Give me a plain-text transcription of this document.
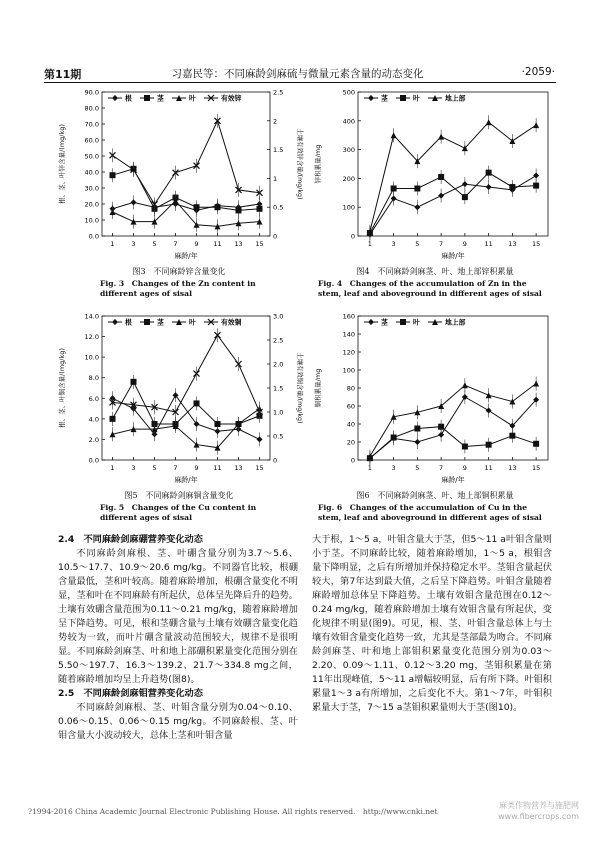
第11期	习嘉民等：不同麻龄剑麻硫与微量元素含量的动态变化	·2059·
0.0
10.0
20.0
30.0
40.0
50.0
60.0
70.0
80.0
90.0
0
0.5
1
1.5
2
2.5
土壤有效锌含量/(mg/kg)
1	3	5	7	9 11 13 15
麻龄/年
根、茎、叶锌含量/(mg/kg)
根	茎	叶	有效锌
0
100
200
300
400
500
1	3	5	7	9	11 13 15
麻龄/年
锌积累量/mg
茎	叶	地上部
图3　不同麻龄锌含量变化
Fig. 3　Changes of the Zn content in different ages of sisal
图4　不同麻龄剑麻茎、叶、地上部锌积累量
Fig. 4　Changes of the accumulation of Zn in the stem, leaf and aboveground in different ages of sisal
0.0
2.0
4.0
6.0
8.0
10.0
12.0
14.0
0
0.5
1.0
1.5
2.0
2.5
3.0
土壤有效铜含量/(mg/kg)
1	3	5	7	9 11 13 15
麻龄/年
根、茎、叶铜含量/(mg/kg)
根	茎	叶	有效铜
0
20
40
60
80
100
120
140
160
1	3	5	7	9	11 13 15
麻龄/年
铜积累量/mg
茎	叶	地上部
图5　不同麻龄剑麻铜含量变化
Fig. 5　Changes of the Cu content in different ages of sisal
图6　不同麻龄剑麻茎、叶、地上部铜积累量
Fig. 6　Changes of the accumulation of Cu in the stem, leaf and aboveground in different ages of sisal

2.4　不同麻龄剑麻硼营养变化动态

不同麻龄剑麻根、茎、叶硼含量分别为3.7～5.6、10.5～17.7、10.9～20.6 mg/kg。不同器官比较，根硼含量最低，茎和叶较高。随着麻龄增加，根硼含量变化不明显，茎和叶在不同麻龄有所起伏，总体呈先降后升的趋势。土壤有效硼含量范围为0.11～0.21 mg/kg，随着麻龄增加呈下降趋势。可见，根和茎硼含量与土壤有效硼含量变化趋势较为一致，而叶片硼含量波动范围较大，规律不是很明显。不同麻龄剑麻茎、叶和地上部硼积累量变化范围分别在5.50～197.7、16.3～139.2、21.7～334.8 mg之间，随着麻龄增加均呈上升趋势(图8)。

2.5　不同麻龄剑麻钼营养变化动态

不同麻龄剑麻根、茎、叶钼含量分别为0.04～0.10、0.06～0.15、0.06～0.15 mg/kg。不同麻龄根、茎、叶钼含量大小波动较大，总体上茎和叶钼含量

大于根，1～5 a，叶钼含量大于茎，但5～11 a叶钼含量则小于茎。不同麻龄比较，随着麻龄增加，1～5 a，根钼含量下降明显，之后有所增加并保持稳定水平。茎钼含量起伏较大，第7年达到最大值，之后呈下降趋势。叶钼含量随着麻龄增加总体呈下降趋势。土壤有效钼含量范围在0.12～0.24 mg/kg，随着麻龄增加土壤有效钼含量有所起伏，变化规律不明显(图9)。可见，根、茎、叶钼含量总体上与土壤有效钼含量变化趋势一致，尤其是茎部最为吻合。不同麻龄剑麻茎、叶和地上部钼积累量变化范围分别为0.03～2.20、0.09～1.11、0.12～3.20 mg，茎钼积累量在第11年出现峰值，5～11 a增幅较明显，后有所下降。叶钼积累量1～3 a有所增加，之后变化不大。第1～7年，叶钼积累量大于茎，7～15 a茎钼积累量则大于茎(图10)。

?1994-2016 China Academic Journal Electronic Publishing House. All rights reserved.　http://www.cnki.net
麻类作物营养与施肥网
www.fibercrops.com
